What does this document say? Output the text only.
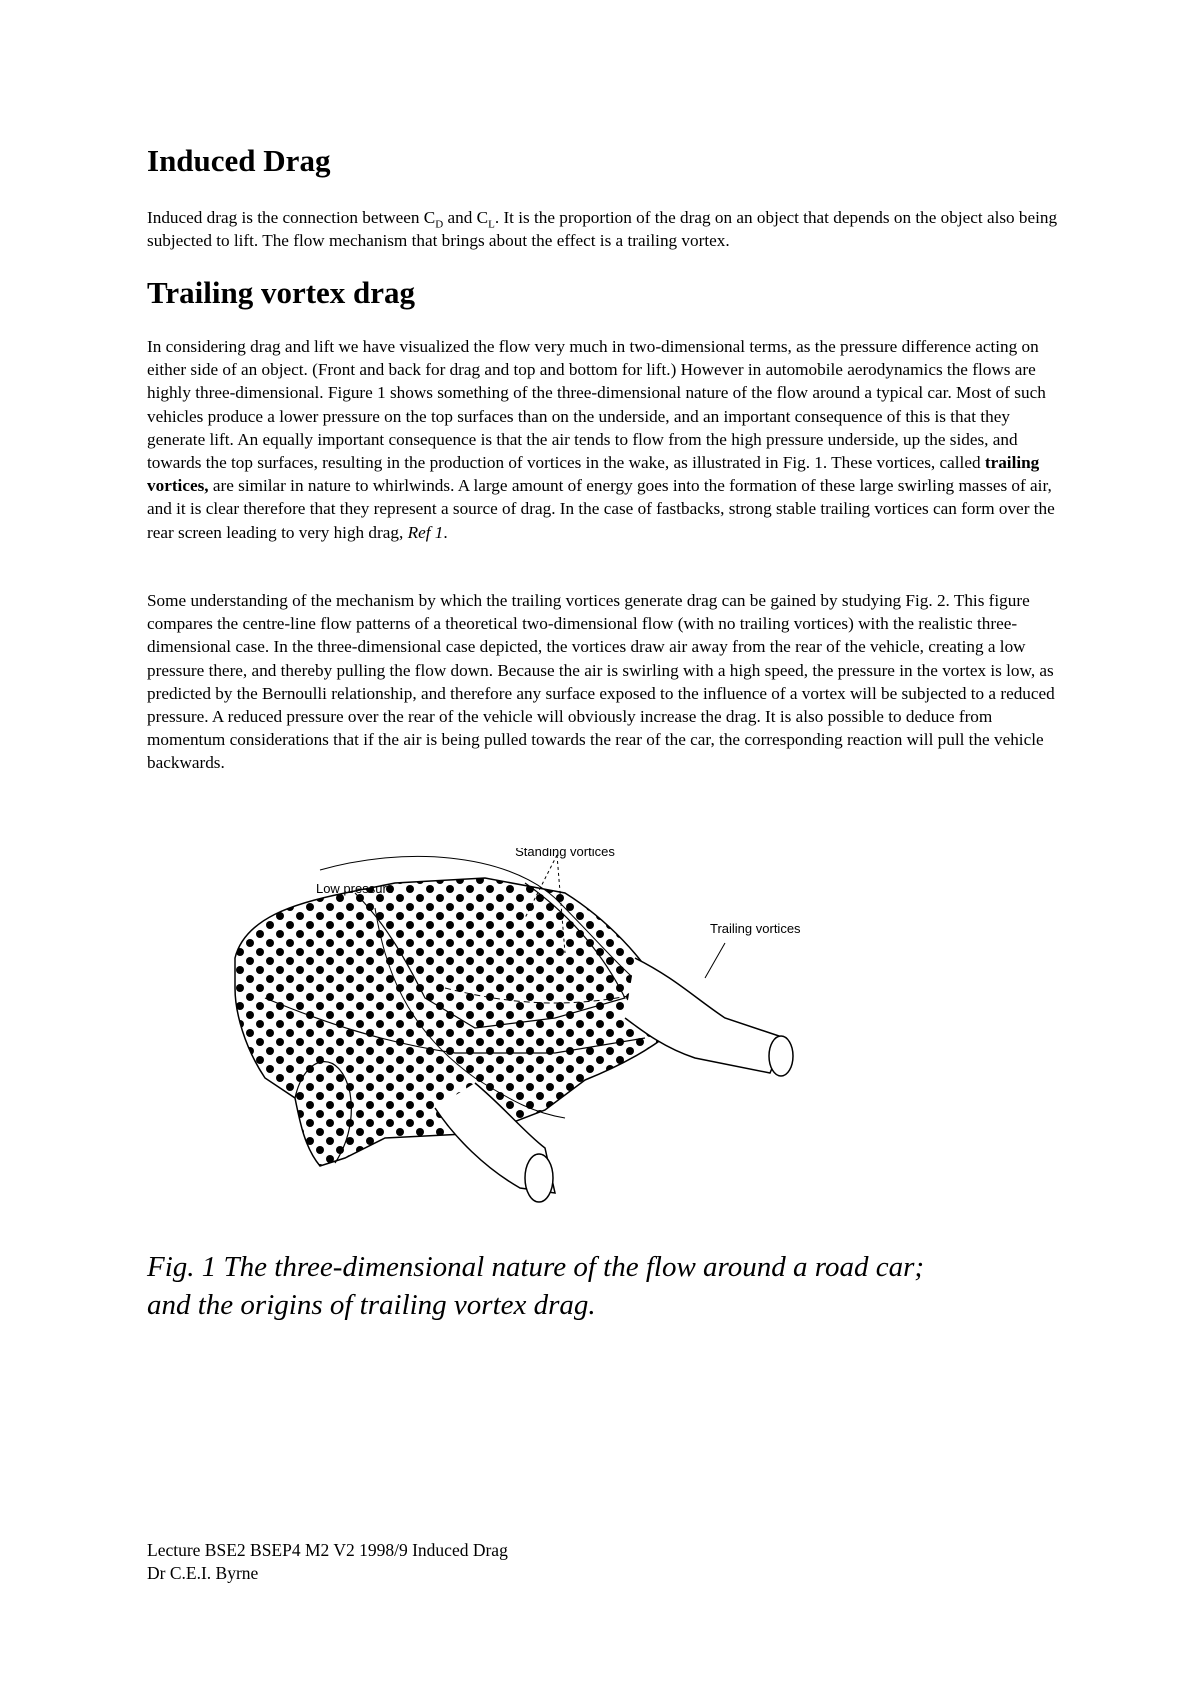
Induced Drag

Induced drag is the connection between $C_D$ and $C_L$. It is the proportion of the drag on an object that depends on the object also being subjected to lift. The flow mechanism that brings about the effect is a trailing vortex.

Trailing vortex drag

In considering drag and lift we have visualized the flow very much in two-dimensional terms, as the pressure difference acting on either side of an object. (Front and back for drag and top and bottom for lift.) However in automobile aerodynamics the flows are highly three-dimensional. Figure 1 shows something of the three-dimensional nature of the flow around a typical car. Most of such vehicles produce a lower pressure on the top surfaces than on the underside, and an important consequence of this is that they generate lift. An equally important consequence is that the air tends to flow from the high pressure underside, up the sides, and towards the top surfaces, resulting in the production of vortices in the wake, as illustrated in Fig. 1. These vortices, called trailing vortices, are similar in nature to whirlwinds. A large amount of energy goes into the formation of these large swirling masses of air, and it is clear therefore that they represent a source of drag. In the case of fastbacks, strong stable trailing vortices can form over the rear screen leading to very high drag, Ref 1.

Some understanding of the mechanism by which the trailing vortices generate drag can be gained by studying Fig. 2. This figure compares the centre-line flow patterns of a theoretical two-dimensional flow (with no trailing vortices) with the realistic three-dimensional case. In the three-dimensional case depicted, the vortices draw air away from the rear of the vehicle, creating a low pressure there, and thereby pulling the flow down. Because the air is swirling with a high speed, the pressure in the vortex is low, as predicted by the Bernoulli relationship, and therefore any surface exposed to the influence of a vortex will be subjected to a reduced pressure. A reduced pressure over the rear of the vehicle will obviously increase the drag. It is also possible to deduce from momentum considerations that if the air is being pulled towards the rear of the car, the corresponding reaction will pull the vehicle backwards.

Standing vortices
Low pressure
Trailing vortices

Fig. 1 The three-dimensional nature of the flow around a road car;
and the origins of trailing vortex drag.

Lecture BSE2 BSEP4 M2 V2 1998/9 Induced Drag
Dr C.E.I. Byrne
